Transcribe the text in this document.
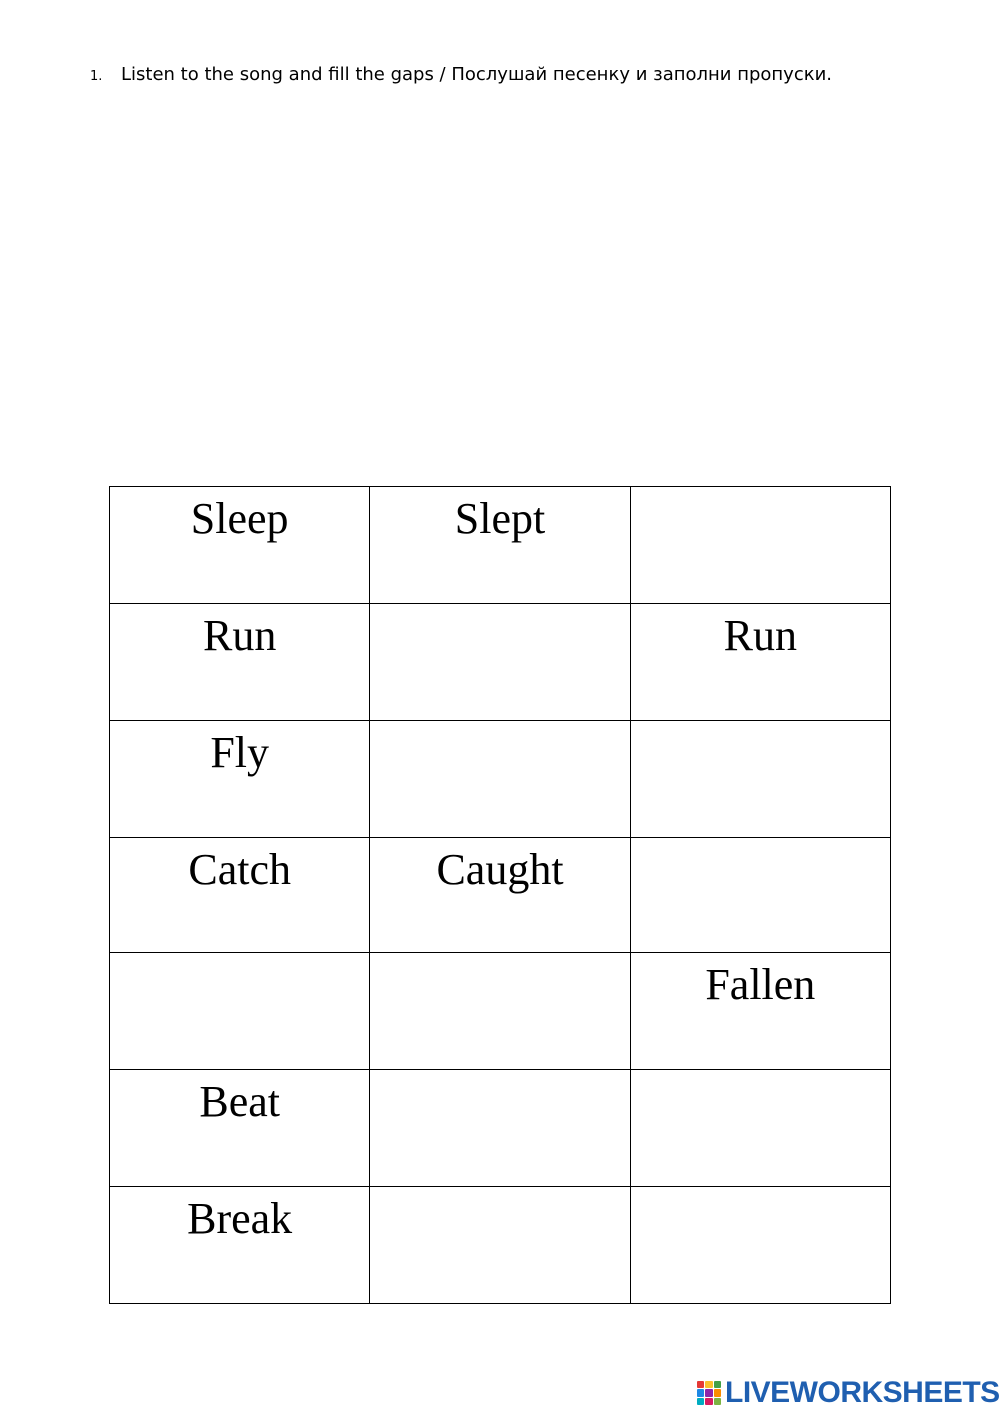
1. Listen to the song and fill the gaps / Послушай песенку и заполни пропуски.
Sleep	Slept	
Run		Run
Fly		
Catch	Caught	
		Fallen
Beat		
Break		
LIVEWORKSHEETS
